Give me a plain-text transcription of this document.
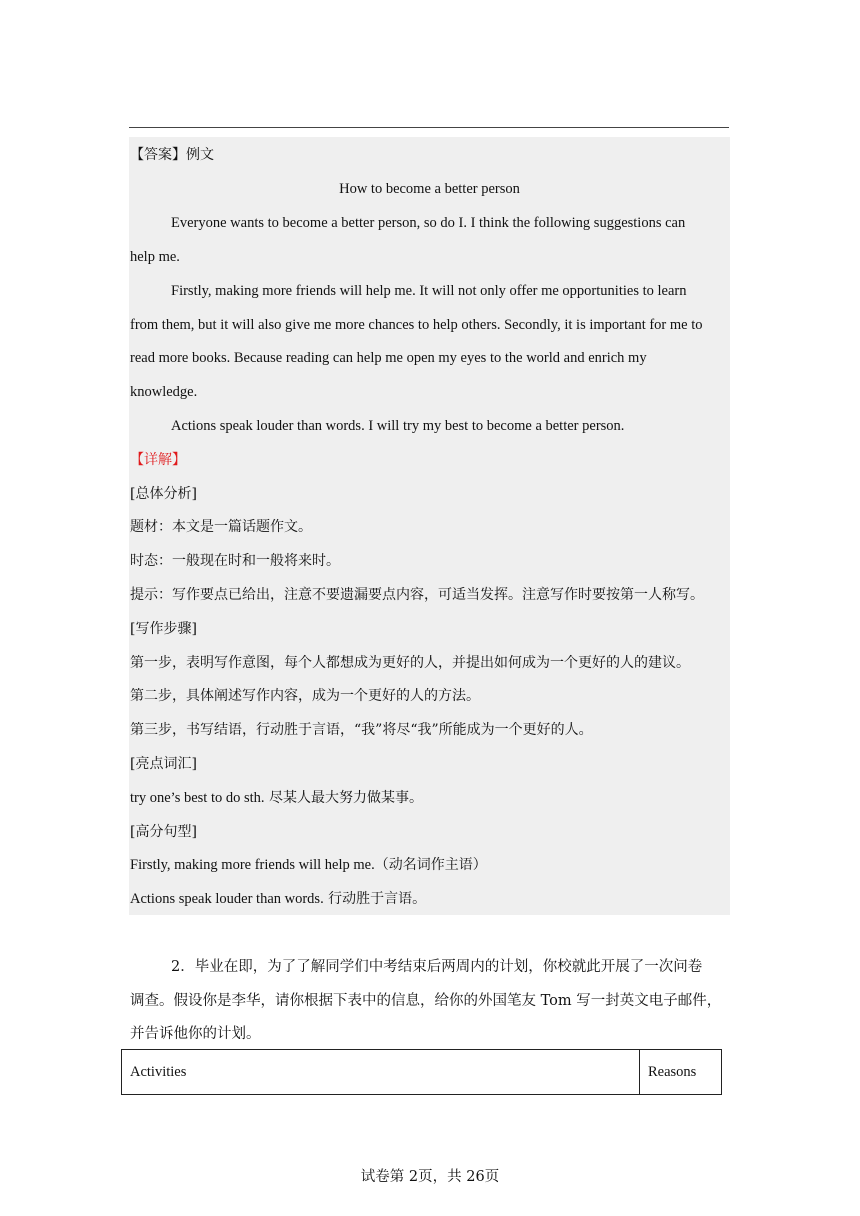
【答案】例文
How to become a better person
Everyone wants to become a better person, so do I. I think the following suggestions can
help me.
Firstly, making more friends will help me. It will not only offer me opportunities to learn
from them, but it will also give me more chances to help others. Secondly, it is important for me to
read more books. Because reading can help me open my eyes to the world and enrich my
knowledge.
Actions speak louder than words. I will try my best to become a better person.
【详解】
[总体分析]
题材：本文是一篇话题作文。
时态：一般现在时和一般将来时。
提示：写作要点已给出，注意不要遗漏要点内容，可适当发挥。注意写作时要按第一人称写。
[写作步骤]
第一步，表明写作意图，每个人都想成为更好的人，并提出如何成为一个更好的人的建议。
第二步，具体阐述写作内容，成为一个更好的人的方法。
第三步，书写结语，行动胜于言语，“我”将尽“我”所能成为一个更好的人。
[亮点词汇]
try one’s best to do sth. 尽某人最大努力做某事。
[高分句型]
Firstly, making more friends will help me.（动名词作主语）
Actions speak louder than words. 行动胜于言语。
2．毕业在即，为了了解同学们中考结束后两周内的计划，你校就此开展了一次问卷
调查。假设你是李华，请你根据下表中的信息，给你的外国笔友 Tom 写一封英文电子邮件，
并告诉他你的计划。
Activities	Reasons
试卷第 2页，共 26页
